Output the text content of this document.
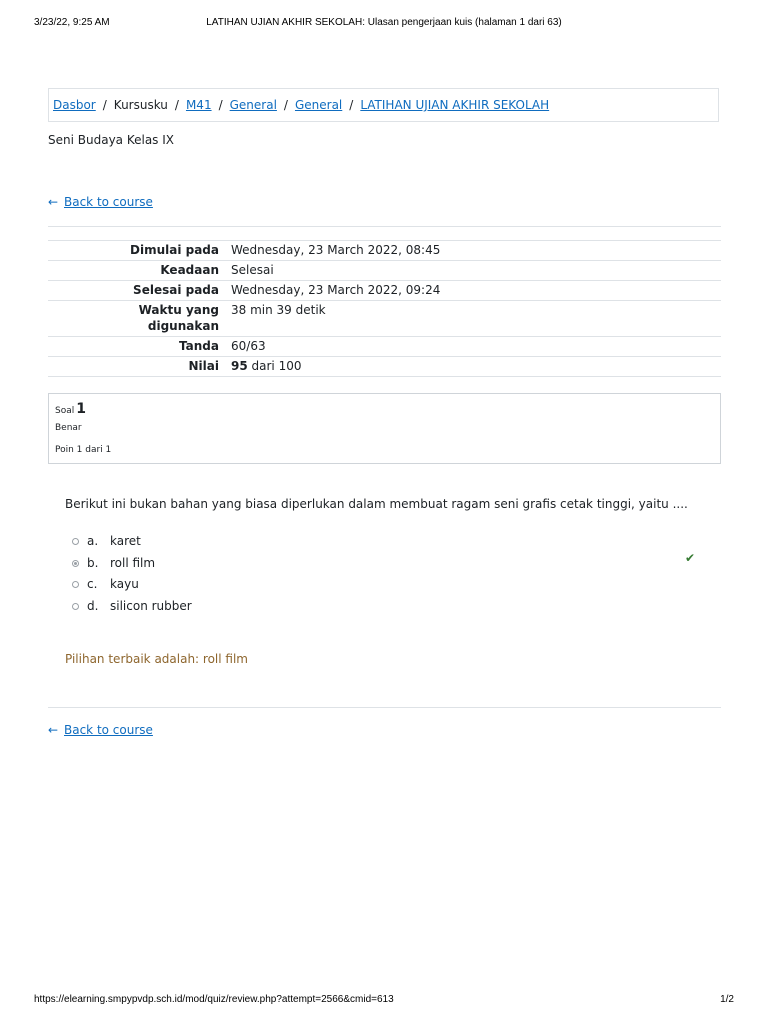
3/23/22, 9:25 AM	LATIHAN UJIAN AKHIR SEKOLAH: Ulasan pengerjaan kuis (halaman 1 dari 63)
Dasbor / Kursusku / M41 / General / General / LATIHAN UJIAN AKHIR SEKOLAH
Seni Budaya Kelas IX
← Back to course
Dimulai pada	Wednesday, 23 March 2022, 08:45
Keadaan	Selesai
Selesai pada	Wednesday, 23 March 2022, 09:24
Waktu yang digunakan	38 min 39 detik
Tanda	60/63
Nilai	95 dari 100
Soal 1
Benar
Poin 1 dari 1
Berikut ini bukan bahan yang biasa diperlukan dalam membuat ragam seni grafis cetak tinggi, yaitu ....
a. karet
b. roll film
c.	kayu
d. silicon rubber
✔
Pilihan terbaik adalah: roll film
← Back to course
https://elearning.smpypvdp.sch.id/mod/quiz/review.php?attempt=2566&cmid=613	1/2
